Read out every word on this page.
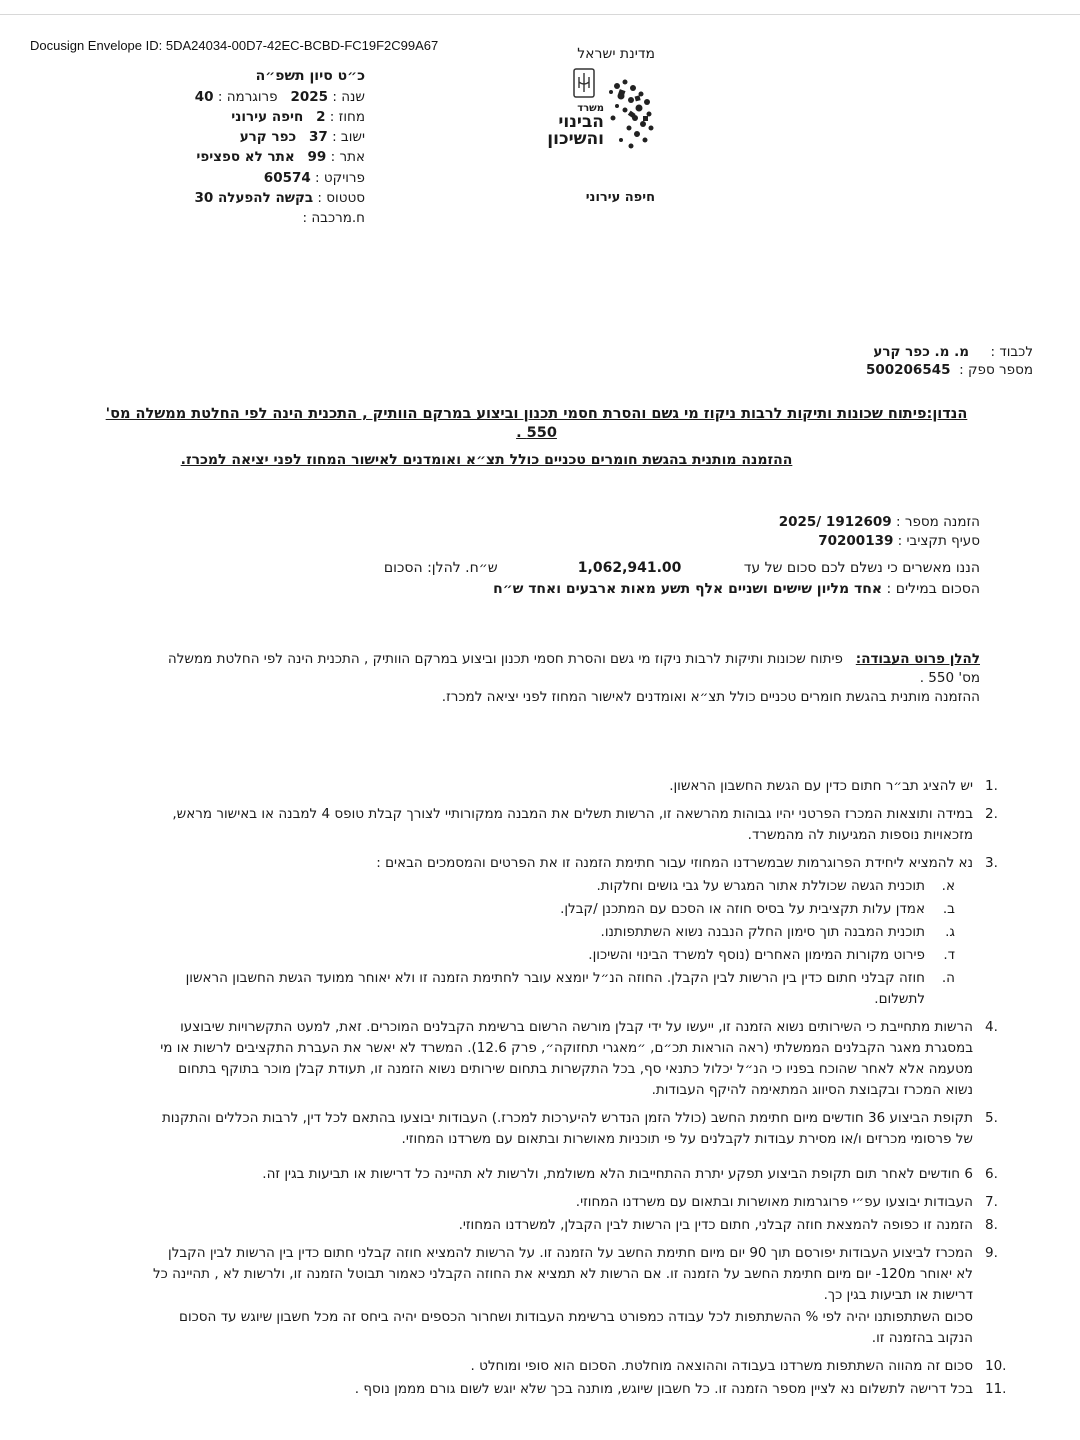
Docusign Envelope ID: 5DA24034-00D7-42EC-BCBD-FC19F2C99A67
מדינת ישראל
משרד
הבינוי
והשיכון
חיפה עירוני
כ״ט סיון תשפ״ה
שנה : 2025   פרוגרמה : 40
מחוז : 2   חיפה עירוני
ישוב : 37   כפר קרע
אתר : 99   אתר לא ספציפי
פרויקט : 60574
סטטוס : בקשה להפעלה 30
ח.מרכבה :
לכבוד :     מ. מ. כפר קרע
מספר ספק :  500206545
הנדון:פיתוח שכונות ותיקות לרבות ניקוז מי גשם והסרת חסמי תכנון וביצוע במרקם הוותיק , התכנית הינה לפי החלטת ממשלה מס' 550 .
ההזמנה מותנית בהגשת חומרים טכניים כולל תצ״א ואומדנים לאישור המחוז לפני יציאה למכרז.
הזמנה מספר : 1912609 /2025
סעיף תקציבי : 70200139
הננו מאשרים כי נשלם לכם סכום של עד              1,062,941.00                  ש״ח. להלן: הסכום
הסכום במילים : אחד מליון שישים ושניים אלף תשע מאות ארבעים ואחד ש״ח
להלן פרוט העבודה:   פיתוח שכונות ותיקות לרבות ניקוז מי גשם והסרת חסמי תכנון וביצוע במרקם הוותיק , התכנית הינה לפי החלטת ממשלה מס' 550 .
ההזמנה מותנית בהגשת חומרים טכניים כולל תצ״א ואומדנים לאישור המחוז לפני יציאה למכרז.
1.
יש להציג תב״ר חתום כדין עם הגשת החשבון הראשון.
2.
במידה ותוצאות המכרז הפרטני יהיו גבוהות מהרשאה זו, הרשות תשלים את המבנה ממקורותיי לצורך קבלת טופס 4 למבנה או באישור מראש, מזכאויות נוספות המגיעות לה מהמשרד.
3.
נא להמציא ליחידת הפרוגרמות שבמשרדנו המחוזי עבור חתימת הזמנה זו את הפרטים והמסמכים הבאים :
א.
תוכנית הגשה שכוללת אתור המגרש על גבי גושים וחלקות.
ב.
אמדן עלות תקציבית על בסיס חוזה או הסכם עם המתכנן /קבלן.
ג.
תוכנית המבנה תוך סימון החלק הנבנה נשוא השתתפותנו.
ד.
פירוט מקורות המימון האחרים (נוסף למשרד הבינוי והשיכון.
ה.
חוזה קבלני חתום כדין בין הרשות לבין הקבלן. החוזה הנ״ל יומצא עובר לחתימת הזמנה זו ולא יאוחר ממועד הגשת החשבון הראשון לתשלום.
4.
הרשות מתחייבת כי השירותים נשוא הזמנה זו, ייעשו על ידי קבלן מורשה הרשום ברשימת הקבלנים המוכרים. זאת, למעט התקשרויות שיבוצעו במסגרת מאגר הקבלנים הממשלתי (ראה הוראות תכ״ם, ״מאגרי תחזוקה״, פרק 12.6). המשרד לא יאשר את העברת התקציבים לרשות או מי מטעמה אלא לאחר שהוכח בפניו כי הנ״ל יכלול כתנאי סף, בכל התקשרות בתחום שירותים נשוא הזמנה זו, תעודת קבלן מוכר בתוקף בתחום נשוא המכרז ובקבוצת הסיווג המתאימה להיקף העבודות.
5.
תקופת הביצוע 36 חודשים מיום חתימת החשב (כולל הזמן הנדרש להיערכות למכרז.) העבודות יבוצעו בהתאם לכל דין, לרבות הכללים והתקנות של פרסומי מכרזים ו/או מסירת עבודות לקבלנים על פי תוכניות מאושרות ובתאום עם משרדנו המחוזי.
6.
6 חודשים לאחר תום תקופת הביצוע תפקע יתרת ההתחייבות הלא משולמת, ולרשות לא תהיינה כל דרישות או תביעות בגין זה.
7.
העבודות יבוצעו עפ״י פרוגרמות מאושרות ובתאום עם משרדנו המחוזי.
8.
הזמנה זו כפופה להמצאת חוזה קבלני, חתום כדין בין הרשות לבין הקבלן, למשרדנו המחוזי.
9.
המכרז לביצוע העבודות יפורסם תוך 90 יום מיום חתימת החשב על הזמנה זו. על הרשות להמציא חוזה קבלני חתום כדין בין הרשות לבין הקבלן לא יאוחר מ120- יום מיום חתימת החשב על הזמנה זו. אם הרשות לא תמציא את החוזה הקבלני כאמור תבוטל הזמנה זו, ולרשות לא , תהיינה כל דרישות או תביעות בגין כך.
סכום השתתפותנו יהיה לפי % ההשתתפות לכל עבודה כמפורט ברשימת העבודות ושחרור הכספים יהיה ביחס זה מכל חשבון שיוגש עד הסכום הנקוב בהזמנה זו.
10.
סכום זה מהווה השתתפות משרדנו בעבודה וההוצאה מוחלטת. הסכום הוא סופי ומוחלט .
11.
בכל דרישה לתשלום נא לציין מספר הזמנה זו. כל חשבון שיוגש, מותנה בכך שלא יוגש לשום גורם מממן נוסף .
